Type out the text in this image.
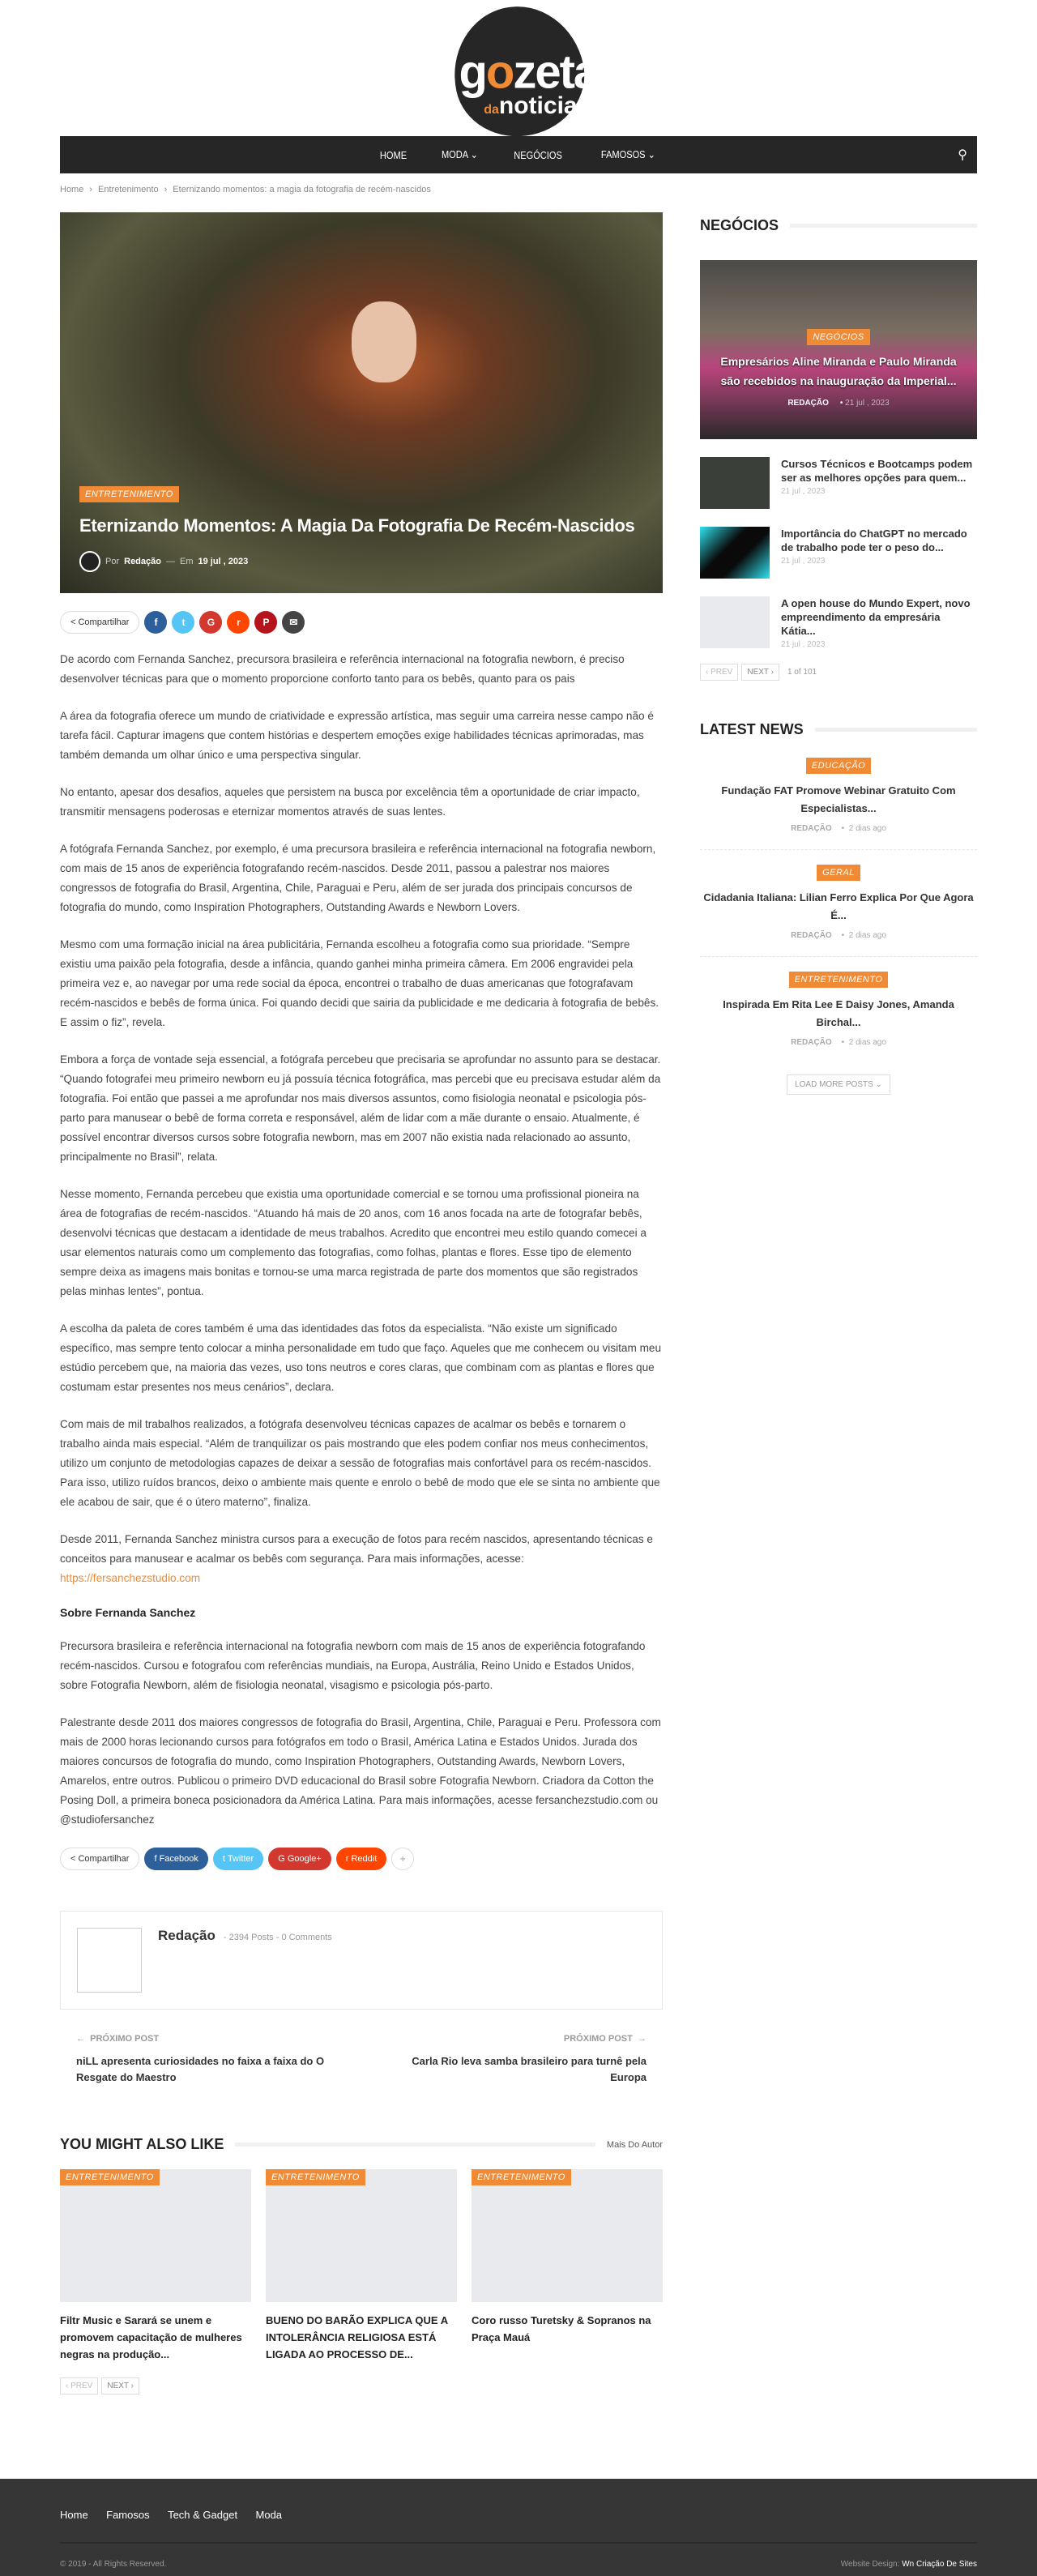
gozeta
danoticia
HOME	MODA ⌄	NEGÓCIOS	FAMOSOS ⌄	⚲
Home › Entretenimento › Eternizando momentos: a magia da fotografia de recém-nascidos
ENTRETENIMENTO
Eternizando Momentos: A Magia Da Fotografia De Recém-Nascidos
Por Redação — Em 19 jul , 2023
< Compartilhar	f	t	G	r	P	✉

De acordo com Fernanda Sanchez, precursora brasileira e referência internacional na fotografia newborn, é preciso desenvolver técnicas para que o momento proporcione conforto tanto para os bebês, quanto para os pais

A área da fotografia oferece um mundo de criatividade e expressão artística, mas seguir uma carreira nesse campo não é tarefa fácil. Capturar imagens que contem histórias e despertem emoções exige habilidades técnicas aprimoradas, mas também demanda um olhar único e uma perspectiva singular.

No entanto, apesar dos desafios, aqueles que persistem na busca por excelência têm a oportunidade de criar impacto, transmitir mensagens poderosas e eternizar momentos através de suas lentes.

A fotógrafa Fernanda Sanchez, por exemplo, é uma precursora brasileira e referência internacional na fotografia newborn, com mais de 15 anos de experiência fotografando recém-nascidos. Desde 2011, passou a palestrar nos maiores congressos de fotografia do Brasil, Argentina, Chile, Paraguai e Peru, além de ser jurada dos principais concursos de fotografia do mundo, como Inspiration Photographers, Outstanding Awards e Newborn Lovers.

Mesmo com uma formação inicial na área publicitária, Fernanda escolheu a fotografia como sua prioridade. “Sempre existiu uma paixão pela fotografia, desde a infância, quando ganhei minha primeira câmera. Em 2006 engravidei pela primeira vez e, ao navegar por uma rede social da época, encontrei o trabalho de duas americanas que fotografavam recém-nascidos e bebês de forma única. Foi quando decidi que sairia da publicidade e me dedicaria à fotografia de bebês. E assim o fiz”, revela.

Embora a força de vontade seja essencial, a fotógrafa percebeu que precisaria se aprofundar no assunto para se destacar. “Quando fotografei meu primeiro newborn eu já possuía técnica fotográfica, mas percebi que eu precisava estudar além da fotografia. Foi então que passei a me aprofundar nos mais diversos assuntos, como fisiologia neonatal e psicologia pós-parto para manusear o bebê de forma correta e responsável, além de lidar com a mãe durante o ensaio. Atualmente, é possível encontrar diversos cursos sobre fotografia newborn, mas em 2007 não existia nada relacionado ao assunto, principalmente no Brasil”, relata.

Nesse momento, Fernanda percebeu que existia uma oportunidade comercial e se tornou uma profissional pioneira na área de fotografias de recém-nascidos. “Atuando há mais de 20 anos, com 16 anos focada na arte de fotografar bebês, desenvolvi técnicas que destacam a identidade de meus trabalhos. Acredito que encontrei meu estilo quando comecei a usar elementos naturais como um complemento das fotografias, como folhas, plantas e flores. Esse tipo de elemento sempre deixa as imagens mais bonitas e tornou-se uma marca registrada de parte dos momentos que são registrados pelas minhas lentes”, pontua.

A escolha da paleta de cores também é uma das identidades das fotos da especialista. “Não existe um significado específico, mas sempre tento colocar a minha personalidade em tudo que faço. Aqueles que me conhecem ou visitam meu estúdio percebem que, na maioria das vezes, uso tons neutros e cores claras, que combinam com as plantas e flores que costumam estar presentes nos meus cenários”, declara.

Com mais de mil trabalhos realizados, a fotógrafa desenvolveu técnicas capazes de acalmar os bebês e tornarem o trabalho ainda mais especial. “Além de tranquilizar os pais mostrando que eles podem confiar nos meus conhecimentos, utilizo um conjunto de metodologias capazes de deixar a sessão de fotografias mais confortável para os recém-nascidos. Para isso, utilizo ruídos brancos, deixo o ambiente mais quente e enrolo o bebê de modo que ele se sinta no ambiente que ele acabou de sair, que é o útero materno”, finaliza.

Desde 2011, Fernanda Sanchez ministra cursos para a execução de fotos para recém nascidos, apresentando técnicas e conceitos para manusear e acalmar os bebês com segurança. Para mais informações, acesse:
https://fersanchezstudio.com

Sobre Fernanda Sanchez

Precursora brasileira e referência internacional na fotografia newborn com mais de 15 anos de experiência fotografando recém-nascidos. Cursou e fotografou com referências mundiais, na Europa, Austrália, Reino Unido e Estados Unidos, sobre Fotografia Newborn, além de fisiologia neonatal, visagismo e psicologia pós-parto.

Palestrante desde 2011 dos maiores congressos de fotografia do Brasil, Argentina, Chile, Paraguai e Peru. Professora com mais de 2000 horas lecionando cursos para fotógrafos em todo o Brasil, América Latina e Estados Unidos. Jurada dos maiores concursos de fotografia do mundo, como Inspiration Photographers, Outstanding Awards, Newborn Lovers, Amarelos, entre outros. Publicou o primeiro DVD educacional do Brasil sobre Fotografia Newborn. Criadora da Cotton the Posing Doll, a primeira boneca posicionadora da América Latina. Para mais informações, acesse fersanchezstudio.com ou @studiofersanchez

< Compartilhar	f Facebook	t Twitter	G Google+	r Reddit	+
Redação - 2394 Posts - 0 Comments
← PRÓXIMO POST
niLL apresenta curiosidades no faixa a faixa do O Resgate do Maestro
PRÓXIMO POST →
Carla Rio leva samba brasileiro para turnê pela Europa
YOU MIGHT ALSO LIKE	Mais Do Autor
ENTRETENIMENTO
Filtr Music e Sarará se unem e promovem capacitação de mulheres negras na produção...
ENTRETENIMENTO
BUENO DO BARÃO EXPLICA QUE A INTOLERÂNCIA RELIGIOSA ESTÁ LIGADA AO PROCESSO DE...
ENTRETENIMENTO
Coro russo Turetsky & Sopranos na Praça Mauá
‹ PREV	NEXT ›
NEGÓCIOS
NEGÓCIOS
Empresários Aline Miranda e Paulo Miranda são recebidos na inauguração da Imperial...
REDAÇÃO • 21 jul , 2023
Cursos Técnicos e Bootcamps podem ser as melhores opções para quem...
21 jul , 2023
Importância do ChatGPT no mercado de trabalho pode ter o peso do...
21 jul , 2023
A open house do Mundo Expert, novo empreendimento da empresária Kátia...
21 jul , 2023
‹ PREV	NEXT ›	1 of 101
LATEST NEWS
EDUCAÇÃO
Fundação FAT Promove Webinar Gratuito Com Especialistas...
REDAÇÃO •  2 dias ago
GERAL
Cidadania Italiana: Lilian Ferro Explica Por Que Agora É...
REDAÇÃO •  2 dias ago
ENTRETENIMENTO
Inspirada Em Rita Lee E Daisy Jones, Amanda Birchal...
REDAÇÃO •  2 dias ago
LOAD MORE POSTS ⌄
Home Famosos Tech & Gadget Moda
© 2019 - All Rights Reserved.	Website Design: Wn Criação De Sites
